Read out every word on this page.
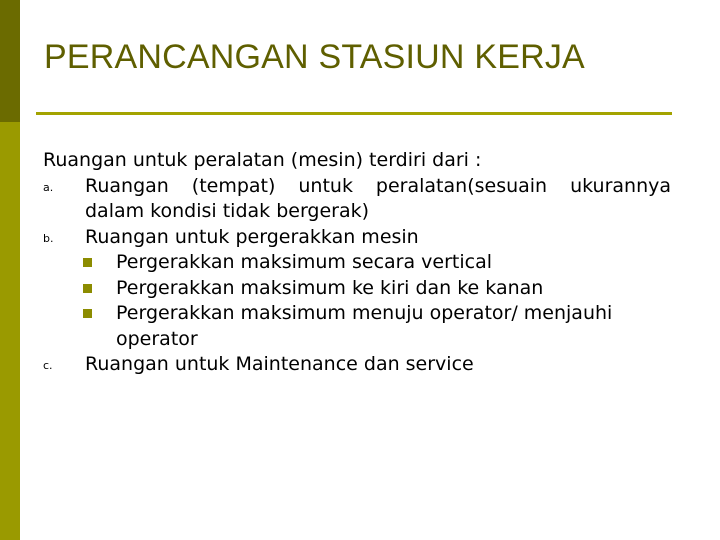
PERANCANGAN STASIUN KERJA
Ruangan untuk peralatan (mesin) terdiri dari :
a. Ruangan (tempat) untuk peralatan(sesuain ukurannya
dalam kondisi tidak bergerak)
b. Ruangan untuk pergerakkan mesin
Pergerakkan maksimum secara vertical
Pergerakkan maksimum ke kiri dan ke kanan
Pergerakkan maksimum menuju operator/ menjauhi operator
c. Ruangan untuk Maintenance dan service
